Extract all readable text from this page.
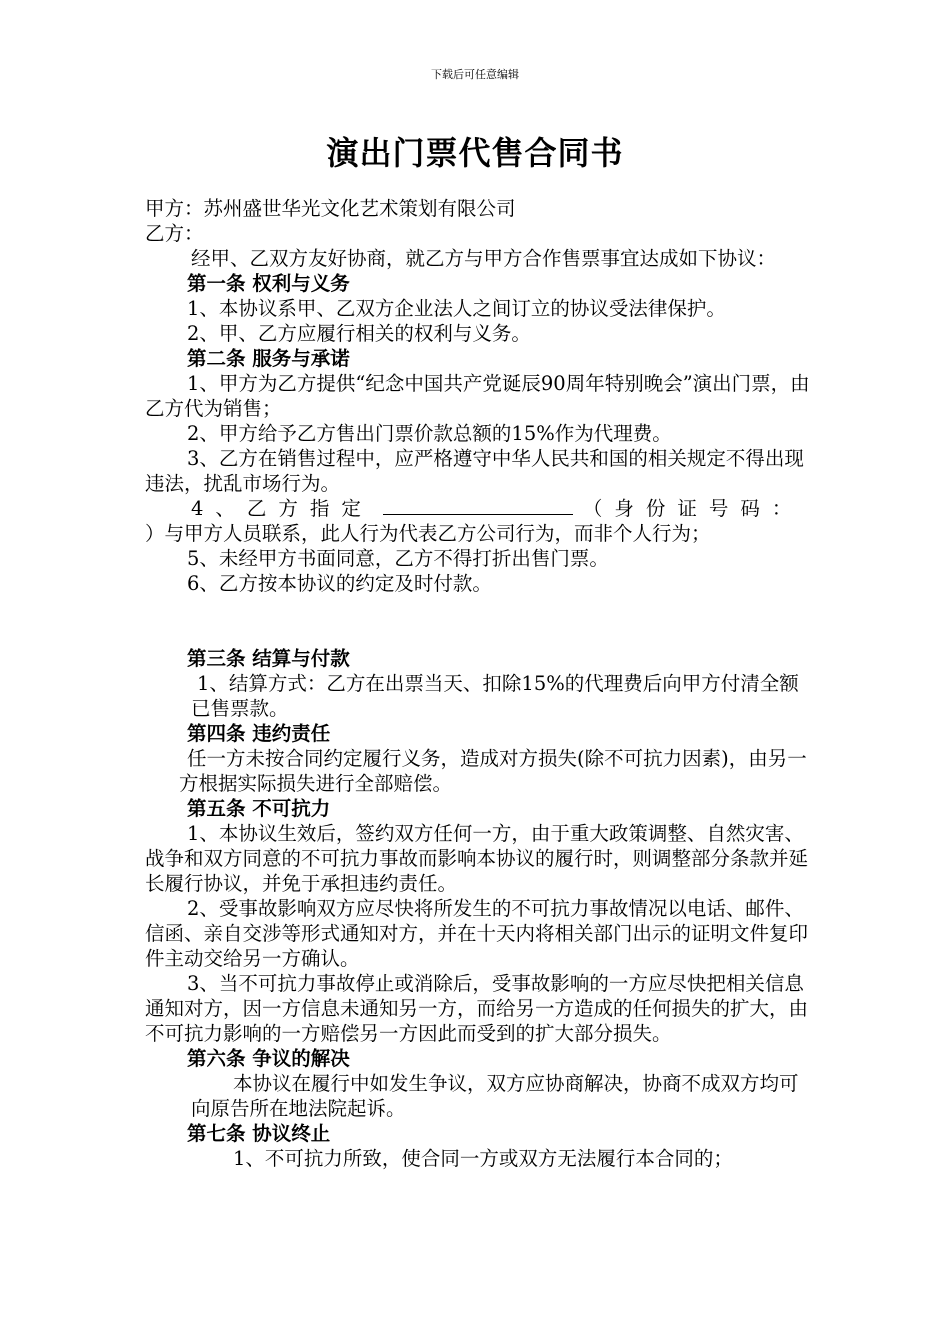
下载后可任意编辑
演出门票代售合同书

甲方：苏州盛世华光文化艺术策划有限公司

乙方：

经甲、乙双方友好协商，就乙方与甲方合作售票事宜达成如下协议：

第一条 权利与义务

1、本协议系甲、乙双方企业法人之间订立的协议受法律保护。

2、甲、乙方应履行相关的权利与义务。

第二条 服务与承诺

1、甲方为乙方提供“纪念中国共产党诞辰90周年特别晚会”演出门票，由乙方代为销售；

2、甲方给予乙方售出门票价款总额的15%作为代理费。

3、乙方在销售过程中，应严格遵守中华人民共和国的相关规定不得出现违法，扰乱市场行为。

4、乙方指定	（身份证号码：

）与甲方人员联系，此人行为代表乙方公司行为，而非个人行为；

5、未经甲方书面同意，乙方不得打折出售门票。

6、乙方按本协议的约定及时付款。

第三条 结算与付款

1、结算方式：乙方在出票当天、扣除15%的代理费后向甲方付清全额已售票款。

第四条 违约责任

任一方未按合同约定履行义务，造成对方损失(除不可抗力因素)，由另一方根据实际损失进行全部赔偿。

第五条 不可抗力

1、本协议生效后，签约双方任何一方，由于重大政策调整、自然灾害、战争和双方同意的不可抗力事故而影响本协议的履行时，则调整部分条款并延长履行协议，并免于承担违约责任。

2、受事故影响双方应尽快将所发生的不可抗力事故情况以电话、邮件、信函、亲自交涉等形式通知对方，并在十天内将相关部门出示的证明文件复印件主动交给另一方确认。

3、当不可抗力事故停止或消除后，受事故影响的一方应尽快把相关信息通知对方，因一方信息未通知另一方，而给另一方造成的任何损失的扩大，由不可抗力影响的一方赔偿另一方因此而受到的扩大部分损失。

第六条 争议的解决

本协议在履行中如发生争议，双方应协商解决，协商不成双方均可向原告所在地法院起诉。

第七条 协议终止

1、不可抗力所致，使合同一方或双方无法履行本合同的；
